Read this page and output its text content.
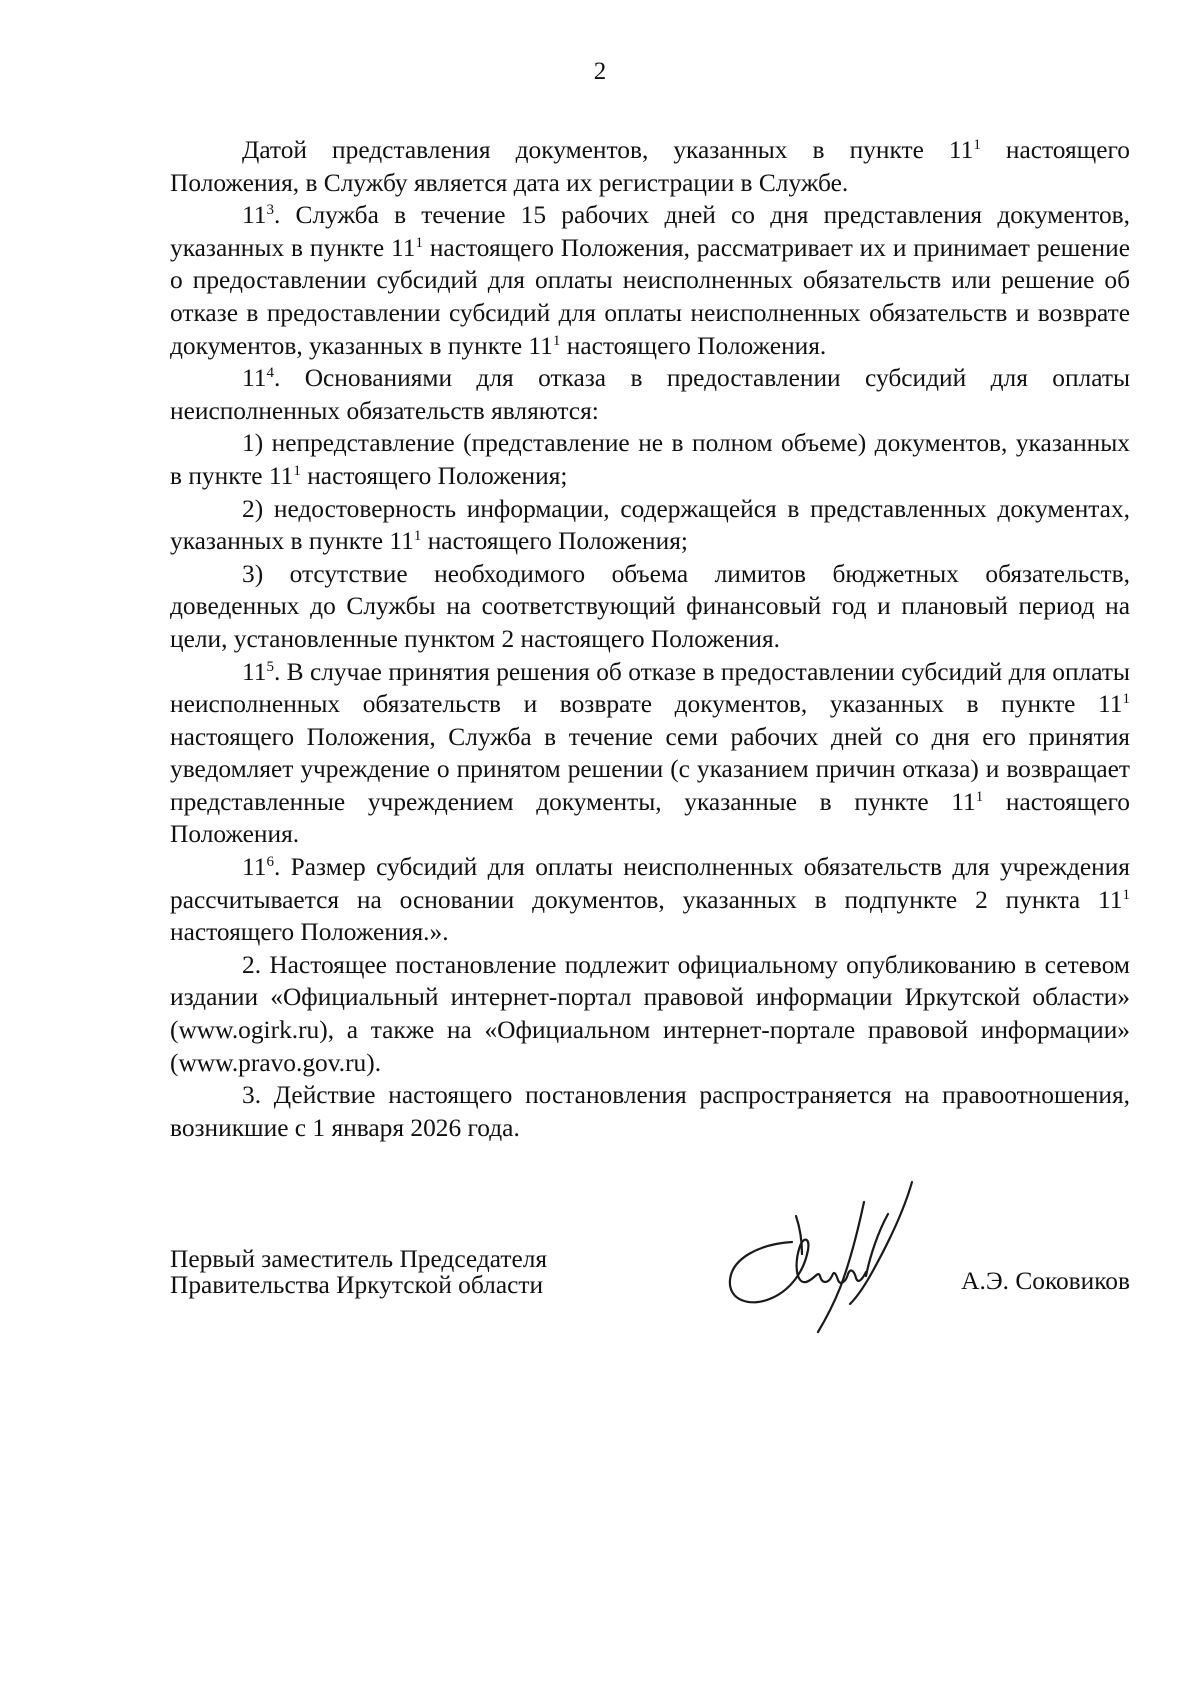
2

Датой представления документов, указанных в пункте $11^1$ настоящего Положения, в Службу является дата их регистрации в Службе.

$11^3$. Служба в течение 15 рабочих дней со дня представления документов, указанных в пункте $11^1$ настоящего Положения, рассматривает их и принимает решение о предоставлении субсидий для оплаты неисполненных обязательств или решение об отказе в предоставлении субсидий для оплаты неисполненных обязательств и возврате документов, указанных в пункте $11^1$ настоящего Положения.

$11^4$. Основаниями для отказа в предоставлении субсидий для оплаты неисполненных обязательств являются:

1) непредставление (представление не в полном объеме) документов, указанных в пункте $11^1$ настоящего Положения;

2) недостоверность информации, содержащейся в представленных документах, указанных в пункте $11^1$ настоящего Положения;

3) отсутствие необходимого объема лимитов бюджетных обязательств, доведенных до Службы на соответствующий финансовый год и плановый период на цели, установленные пунктом 2 настоящего Положения.

$11^5$. В случае принятия решения об отказе в предоставлении субсидий для оплаты неисполненных обязательств и возврате документов, указанных в пункте $11^1$ настоящего Положения, Служба в течение семи рабочих дней со дня его принятия уведомляет учреждение о принятом решении (с указанием причин отказа) и возвращает представленные учреждением документы, указанные в пункте $11^1$ настоящего Положения.

$11^6$. Размер субсидий для оплаты неисполненных обязательств для учреждения рассчитывается на основании документов, указанных в подпункте 2 пункта $11^1$ настоящего Положения.».

2. Настоящее постановление подлежит официальному опубликованию в сетевом издании «Официальный интернет-портал правовой информации Иркутской области» (www.ogirk.ru), а также на «Официальном интернет-портале правовой информации» (www.pravo.gov.ru).

3. Действие настоящего постановления распространяется на правоотношения, возникшие с 1 января 2026 года.

Первый заместитель Председателя
Правительства Иркутской области	А.Э. Соковиков
